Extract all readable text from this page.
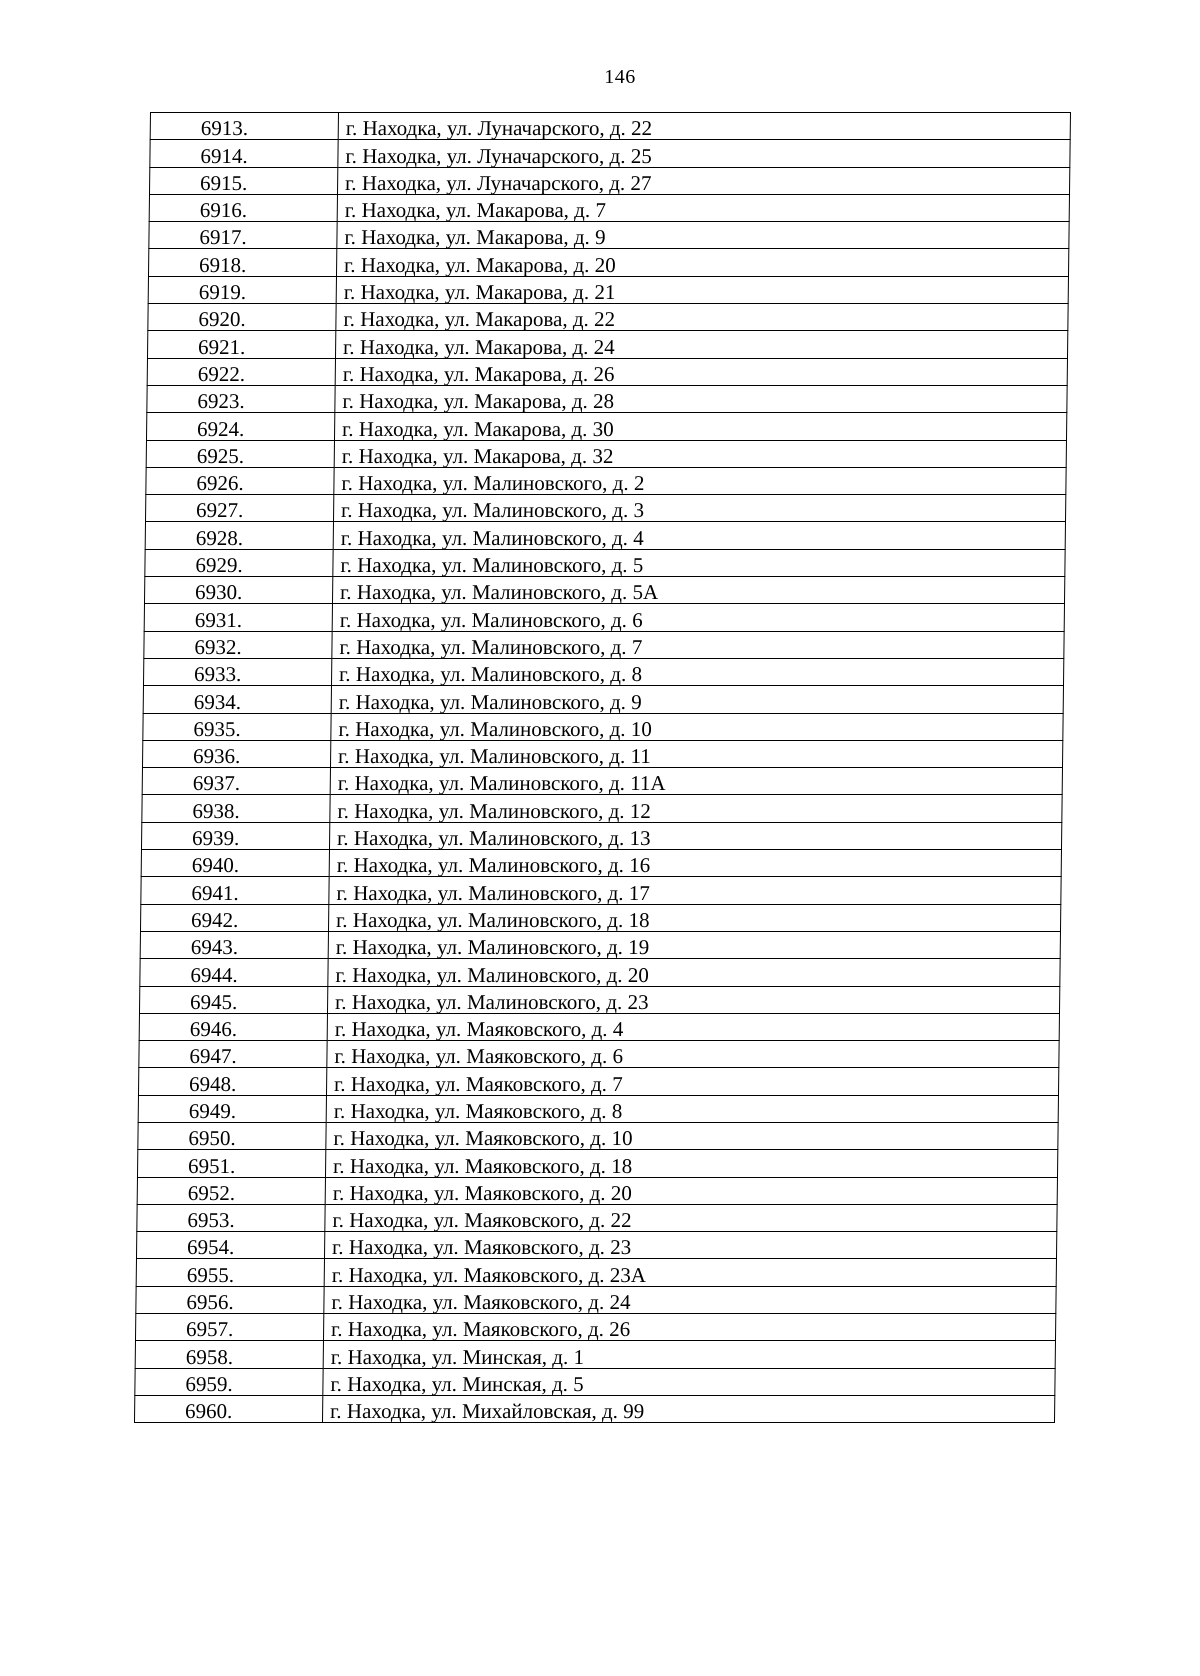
146
6913.	г. Находка, ул. Луначарского, д. 22
6914.	г. Находка, ул. Луначарского, д. 25
6915.	г. Находка, ул. Луначарского, д. 27
6916.	г. Находка, ул. Макарова, д. 7
6917.	г. Находка, ул. Макарова, д. 9
6918.	г. Находка, ул. Макарова, д. 20
6919.	г. Находка, ул. Макарова, д. 21
6920.	г. Находка, ул. Макарова, д. 22
6921.	г. Находка, ул. Макарова, д. 24
6922.	г. Находка, ул. Макарова, д. 26
6923.	г. Находка, ул. Макарова, д. 28
6924.	г. Находка, ул. Макарова, д. 30
6925.	г. Находка, ул. Макарова, д. 32
6926.	г. Находка, ул. Малиновского, д. 2
6927.	г. Находка, ул. Малиновского, д. 3
6928.	г. Находка, ул. Малиновского, д. 4
6929.	г. Находка, ул. Малиновского, д. 5
6930.	г. Находка, ул. Малиновского, д. 5А
6931.	г. Находка, ул. Малиновского, д. 6
6932.	г. Находка, ул. Малиновского, д. 7
6933.	г. Находка, ул. Малиновского, д. 8
6934.	г. Находка, ул. Малиновского, д. 9
6935.	г. Находка, ул. Малиновского, д. 10
6936.	г. Находка, ул. Малиновского, д. 11
6937.	г. Находка, ул. Малиновского, д. 11А
6938.	г. Находка, ул. Малиновского, д. 12
6939.	г. Находка, ул. Малиновского, д. 13
6940.	г. Находка, ул. Малиновского, д. 16
6941.	г. Находка, ул. Малиновского, д. 17
6942.	г. Находка, ул. Малиновского, д. 18
6943.	г. Находка, ул. Малиновского, д. 19
6944.	г. Находка, ул. Малиновского, д. 20
6945.	г. Находка, ул. Малиновского, д. 23
6946.	г. Находка, ул. Маяковского, д. 4
6947.	г. Находка, ул. Маяковского, д. 6
6948.	г. Находка, ул. Маяковского, д. 7
6949.	г. Находка, ул. Маяковского, д. 8
6950.	г. Находка, ул. Маяковского, д. 10
6951.	г. Находка, ул. Маяковского, д. 18
6952.	г. Находка, ул. Маяковского, д. 20
6953.	г. Находка, ул. Маяковского, д. 22
6954.	г. Находка, ул. Маяковского, д. 23
6955.	г. Находка, ул. Маяковского, д. 23А
6956.	г. Находка, ул. Маяковского, д. 24
6957.	г. Находка, ул. Маяковского, д. 26
6958.	г. Находка, ул. Минская, д. 1
6959.	г. Находка, ул. Минская, д. 5
6960.	г. Находка, ул. Михайловская, д. 99
